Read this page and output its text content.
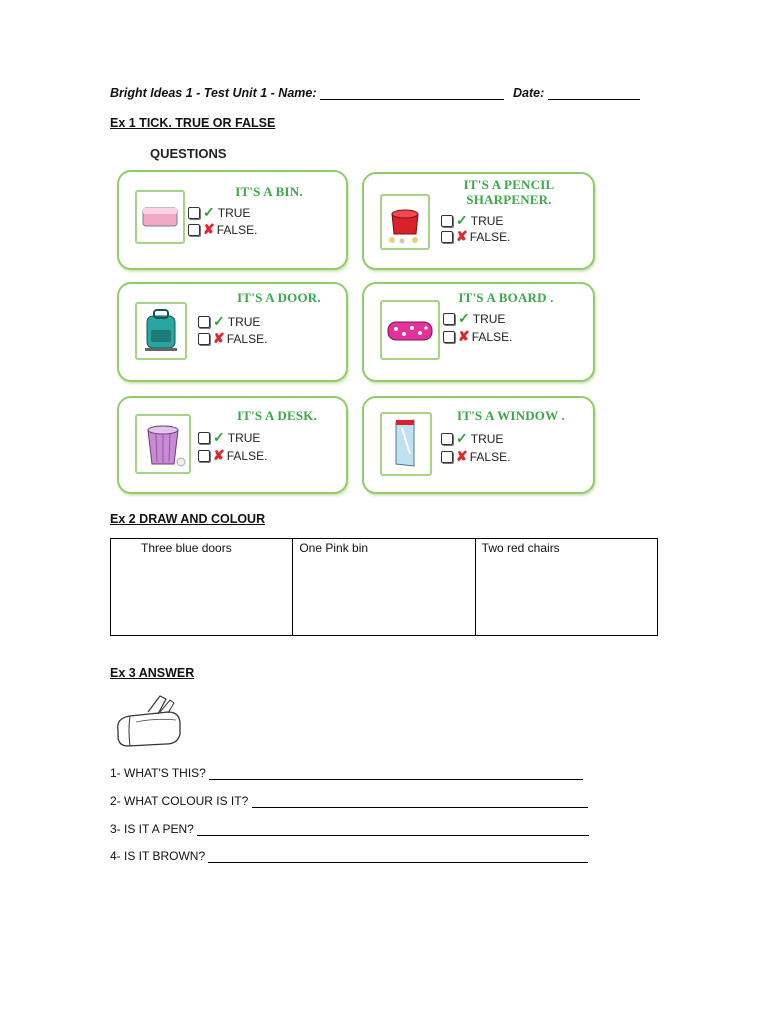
Bright Ideas 1 - Test Unit 1 - Name:	Date:
Ex 1 TICK. TRUE OR FALSE
QUESTIONS
IT'S A BIN.
✓ TRUE
✘ FALSE.
IT'S A PENCIL
SHARPENER.
✓ TRUE
✘ FALSE.
IT'S A DOOR.
✓ TRUE
✘ FALSE.
IT'S A BOARD .
✓ TRUE
✘ FALSE.
IT'S A DESK.
✓ TRUE
✘ FALSE.
IT'S A WINDOW .
✓ TRUE
✘ FALSE.
Ex 2 DRAW AND COLOUR
Three blue doors	One Pink bin	Two red chairs
Ex 3 ANSWER
1- WHAT'S THIS?
2- WHAT COLOUR IS IT?
3- IS IT A PEN?
4- IS IT BROWN?
